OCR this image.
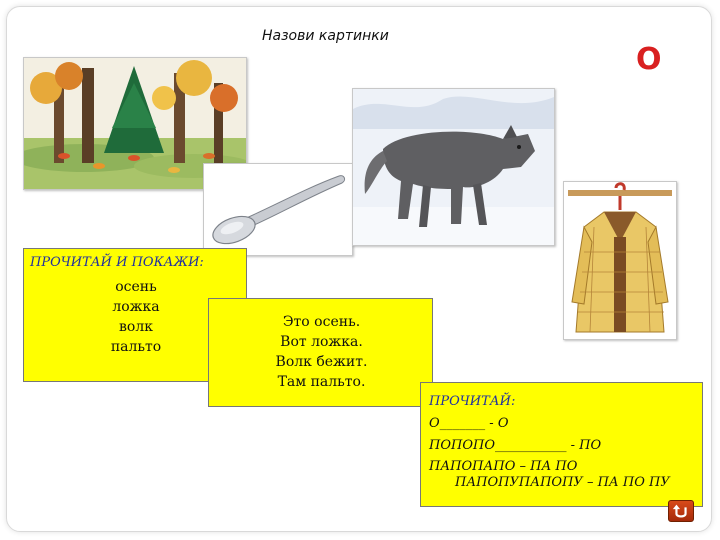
Назови картинки
О
ПРОЧИТАЙ И ПОКАЖИ:
осень
ложка
волк
пальто
Это осень.
Вот ложка.
Волк бежит.
Там пальто.
ПРОЧИТАЙ:
О_______ - О
ПОПОПО___________ - ПО
ПАПОПАПО – ПА ПО
ПАПОПУПАПОПУ – ПА ПО ПУ
